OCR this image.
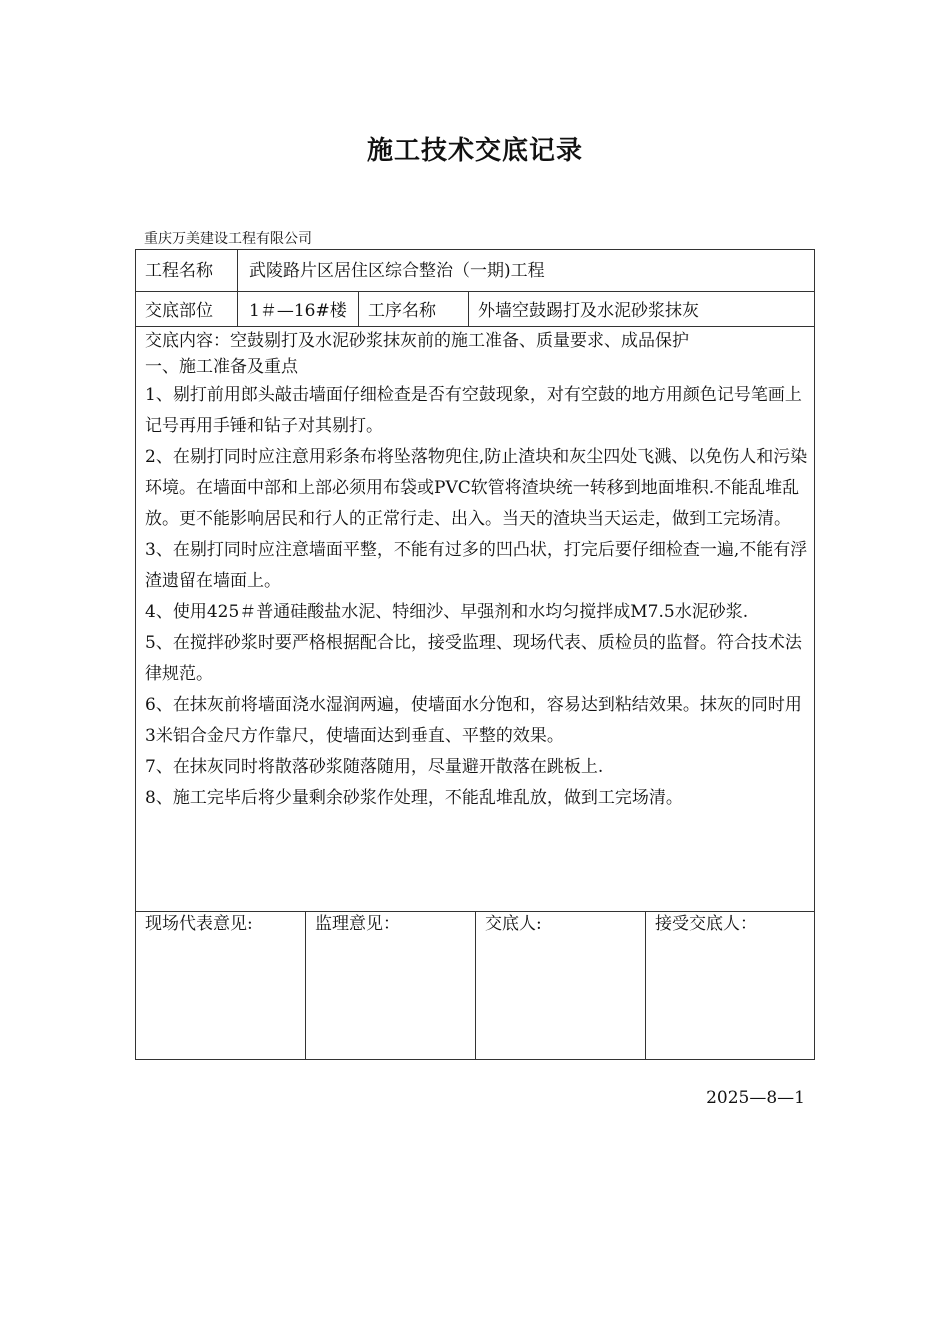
施工技术交底记录
重庆万美建设工程有限公司
工程名称 武陵路片区居住区综合整治（一期)工程
交底部位 1＃—16#楼 工序名称 外墙空鼓踢打及水泥砂浆抹灰

交底内容：空鼓剔打及水泥砂浆抹灰前的施工准备、质量要求、成品保护

一、施工准备及重点

1、剔打前用郎头敲击墙面仔细检查是否有空鼓现象，对有空鼓的地方用颜色记号笔画上记号再用手锤和钻子对其剔打。

2、在剔打同时应注意用彩条布将坠落物兜住,防止渣块和灰尘四处飞溅、以免伤人和污染环境。在墙面中部和上部必须用布袋或PVC软管将渣块统一转移到地面堆积.不能乱堆乱放。更不能影响居民和行人的正常行走、出入。当天的渣块当天运走，做到工完场清。

3、在剔打同时应注意墙面平整，不能有过多的凹凸状，打完后要仔细检查一遍,不能有浮渣遗留在墙面上。

4、使用425＃普通硅酸盐水泥、特细沙、早强剂和水均匀搅拌成M7.5水泥砂浆.

5、在搅拌砂浆时要严格根据配合比，接受监理、现场代表、质检员的监督。符合技术法律规范。

6、在抹灰前将墙面浇水湿润两遍，使墙面水分饱和，容易达到粘结效果。抹灰的同时用3米铝合金尺方作靠尺，使墙面达到垂直、平整的效果。

7、在抹灰同时将散落砂浆随落随用，尽量避开散落在跳板上.

8、施工完毕后将少量剩余砂浆作处理，不能乱堆乱放，做到工完场清。

现场代表意见:	监理意见：	交底人:	接受交底人：
2025—8—1
